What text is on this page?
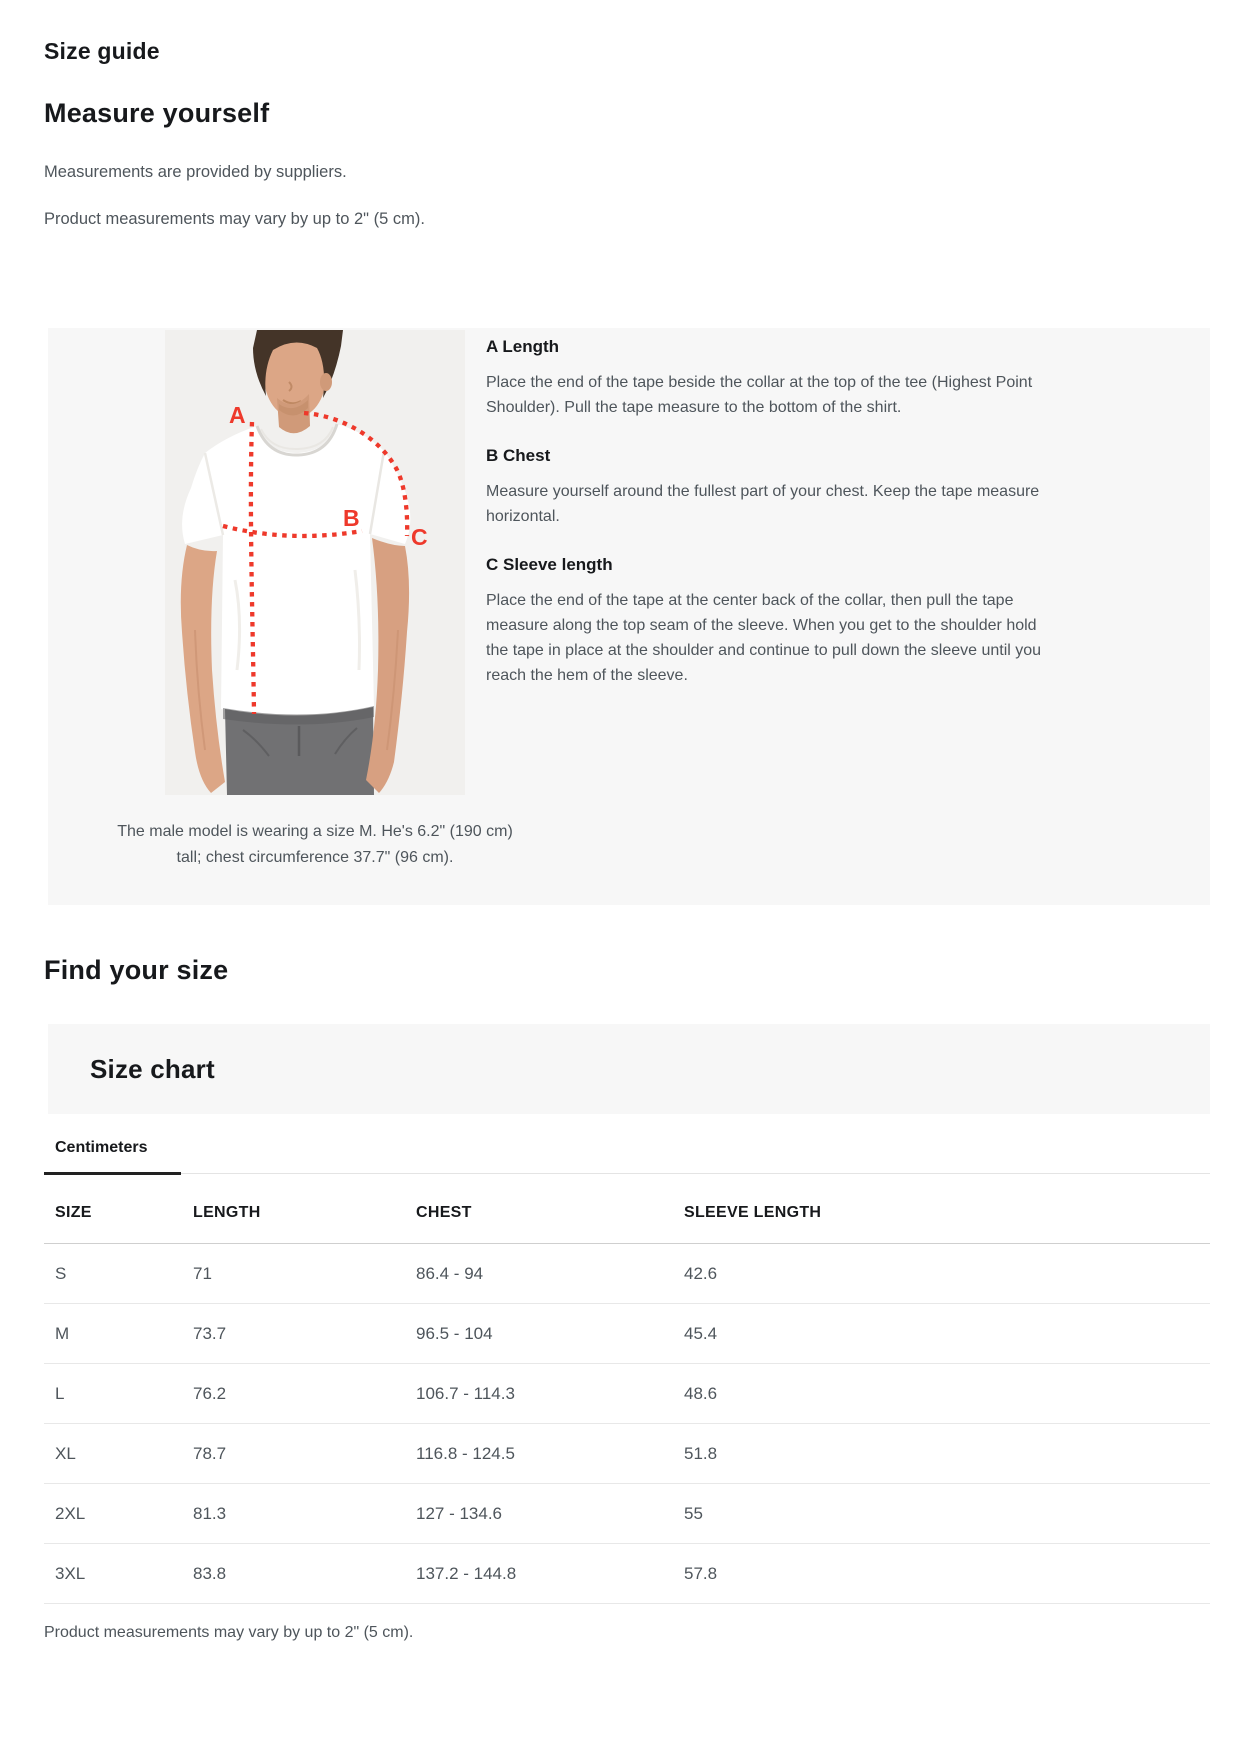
Size guide
Measure yourself

Measurements are provided by suppliers.

Product measurements may vary by up to 2" (5 cm).

A
B
C

The male model is wearing a size M. He's 6.2" (190 cm) tall; chest circumference 37.7" (96 cm).

A Length

Place the end of the tape beside the collar at the top of the tee (Highest Point Shoulder). Pull the tape measure to the bottom of the shirt.

B Chest

Measure yourself around the fullest part of your chest. Keep the tape measure horizontal.

C Sleeve length

Place the end of the tape at the center back of the collar, then pull the tape measure along the top seam of the sleeve. When you get to the shoulder hold the tape in place at the shoulder and continue to pull down the sleeve until you reach the hem of the sleeve.

Find your size
Size chart
Centimeters
SIZE	LENGTH	CHEST	SLEEVE LENGTH
S	71	86.4 - 94	42.6
M	73.7	96.5 - 104	45.4
L	76.2	106.7 - 114.3	48.6
XL	78.7	116.8 - 124.5	51.8
2XL	81.3	127 - 134.6	55
3XL	83.8	137.2 - 144.8	57.8

Product measurements may vary by up to 2" (5 cm).
